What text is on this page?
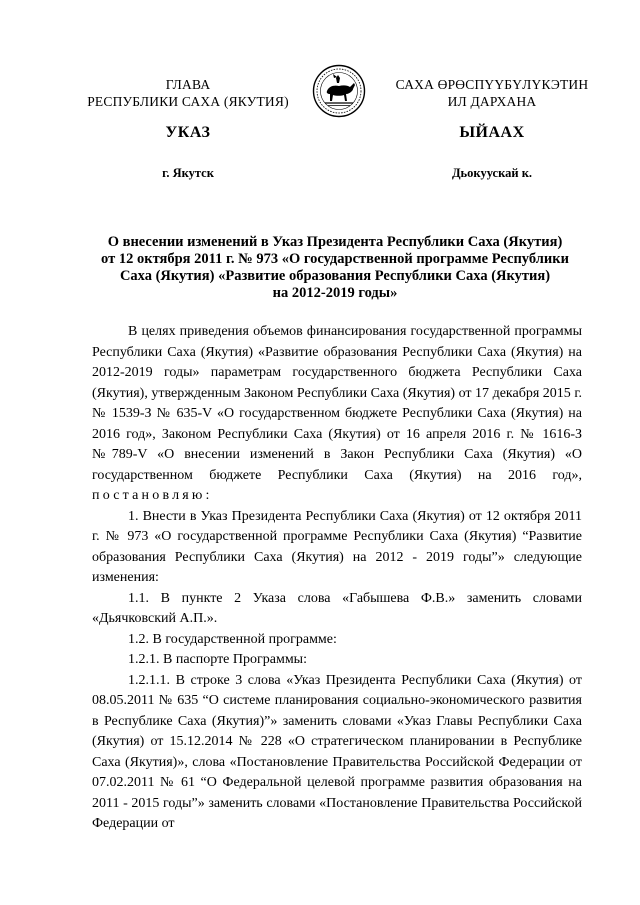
ГЛАВА
РЕСПУБЛИКИ САХА (ЯКУТИЯ)
САХА ӨРӨСПҮҮБҮЛҮКЭТИН
ИЛ ДАРХАНА
УКАЗ	ЫЙААХ
г. Якутск	Дьокуускай к.
О внесении изменений в Указ Президента Республики Саха (Якутия)
от 12 октября 2011 г. № 973 «О государственной программе Республики
Саха (Якутия) «Развитие образования Республики Саха (Якутия)
на 2012-2019 годы»

В целях приведения объемов финансирования государственной программы Республики Саха (Якутия) «Развитие образования Республики Саха (Якутия) на 2012-2019 годы» параметрам государственного бюджета Республики Саха (Якутия), утвержденным Законом Республики Саха (Якутия) от 17 декабря 2015 г. № 1539-З № 635-V «О государственном бюджете Республики Саха (Якутия) на 2016 год», Законом Республики Саха (Якутия) от 16 апреля 2016 г. № 1616-З №789-V «О внесении изменений в Закон Республики Саха (Якутия) «О государственном бюджете Республики Саха (Якутия) на 2016 год», постановляю:

1. Внести в Указ Президента Республики Саха (Якутия) от 12 октября 2011 г. № 973 «О государственной программе Республики Саха (Якутия) “Развитие образования Республики Саха (Якутия) на 2012 - 2019 годы”» следующие изменения:

1.1. В пункте 2 Указа слова «Габышева Ф.В.» заменить словами «Дьячковский А.П.».

1.2. В государственной программе:

1.2.1. В паспорте Программы:

1.2.1.1. В строке 3 слова «Указ Президента Республики Саха (Якутия) от 08.05.2011 № 635 “О системе планирования социально-экономического развития в Республике Саха (Якутия)”» заменить словами «Указ Главы Республики Саха (Якутия) от 15.12.2014 № 228 «О стратегическом планировании в Республике Саха (Якутия)», слова «Постановление Правительства Российской Федерации от 07.02.2011 № 61 “О Федеральной целевой программе развития образования на 2011 - 2015 годы”» заменить словами «Постановление Правительства Российской Федерации от
